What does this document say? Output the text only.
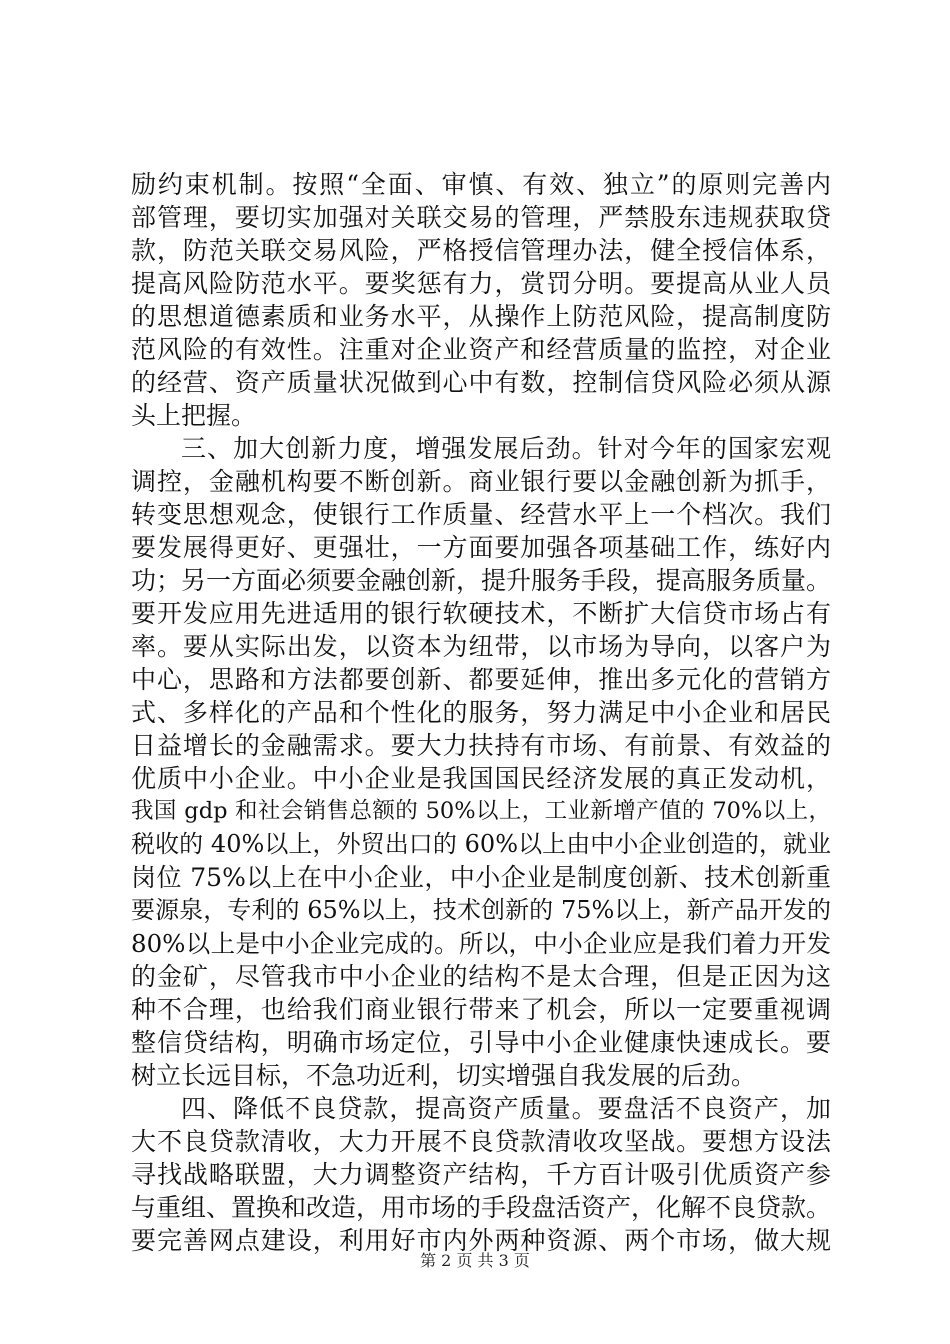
励约束机制。按照“全面、审慎、有效、独立”的原则完善内
部管理，要切实加强对关联交易的管理，严禁股东违规获取贷
款，防范关联交易风险，严格授信管理办法，健全授信体系，
提高风险防范水平。要奖惩有力，赏罚分明。要提高从业人员
的思想道德素质和业务水平，从操作上防范风险，提高制度防
范风险的有效性。注重对企业资产和经营质量的监控，对企业
的经营、资产质量状况做到心中有数，控制信贷风险必须从源
头上把握。
三、加大创新力度，增强发展后劲。针对今年的国家宏观
调控，金融机构要不断创新。商业银行要以金融创新为抓手，
转变思想观念，使银行工作质量、经营水平上一个档次。我们
要发展得更好、更强壮，一方面要加强各项基础工作，练好内
功；另一方面必须要金融创新，提升服务手段，提高服务质量。
要开发应用先进适用的银行软硬技术，不断扩大信贷市场占有
率。要从实际出发，以资本为纽带，以市场为导向，以客户为
中心，思路和方法都要创新、都要延伸，推出多元化的营销方
式、多样化的产品和个性化的服务，努力满足中小企业和居民
日益增长的金融需求。要大力扶持有市场、有前景、有效益的
优质中小企业。中小企业是我国国民经济发展的真正发动机，
我国 gdp 和社会销售总额的 50%以上，工业新增产值的 70%以上，
税收的 40%以上，外贸出口的 60%以上由中小企业创造的，就业
岗位 75%以上在中小企业，中小企业是制度创新、技术创新重
要源泉，专利的 65%以上，技术创新的 75%以上，新产品开发的
80%以上是中小企业完成的。所以，中小企业应是我们着力开发
的金矿，尽管我市中小企业的结构不是太合理，但是正因为这
种不合理，也给我们商业银行带来了机会，所以一定要重视调
整信贷结构，明确市场定位，引导中小企业健康快速成长。要
树立长远目标，不急功近利，切实增强自我发展的后劲。
四、降低不良贷款，提高资产质量。要盘活不良资产，加
大不良贷款清收，大力开展不良贷款清收攻坚战。要想方设法
寻找战略联盟，大力调整资产结构，千方百计吸引优质资产参
与重组、置换和改造，用市场的手段盘活资产，化解不良贷款。
要完善网点建设，利用好市内外两种资源、两个市场，做大规
第 2 页 共 3 页
